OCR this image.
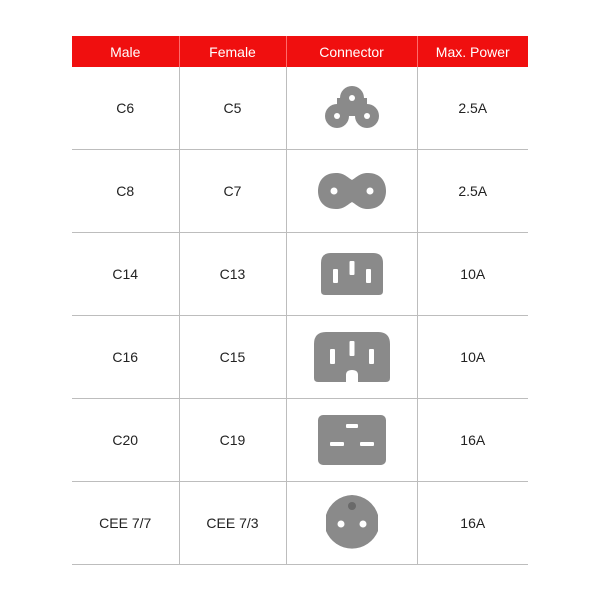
Male	Female	Connector	Max. Power
C6	C5		2.5A
C8	C7		2.5A
C14	C13		10A
C16	C15		10A
C20	C19		16A
CEE 7/7	CEE 7/3		16A
